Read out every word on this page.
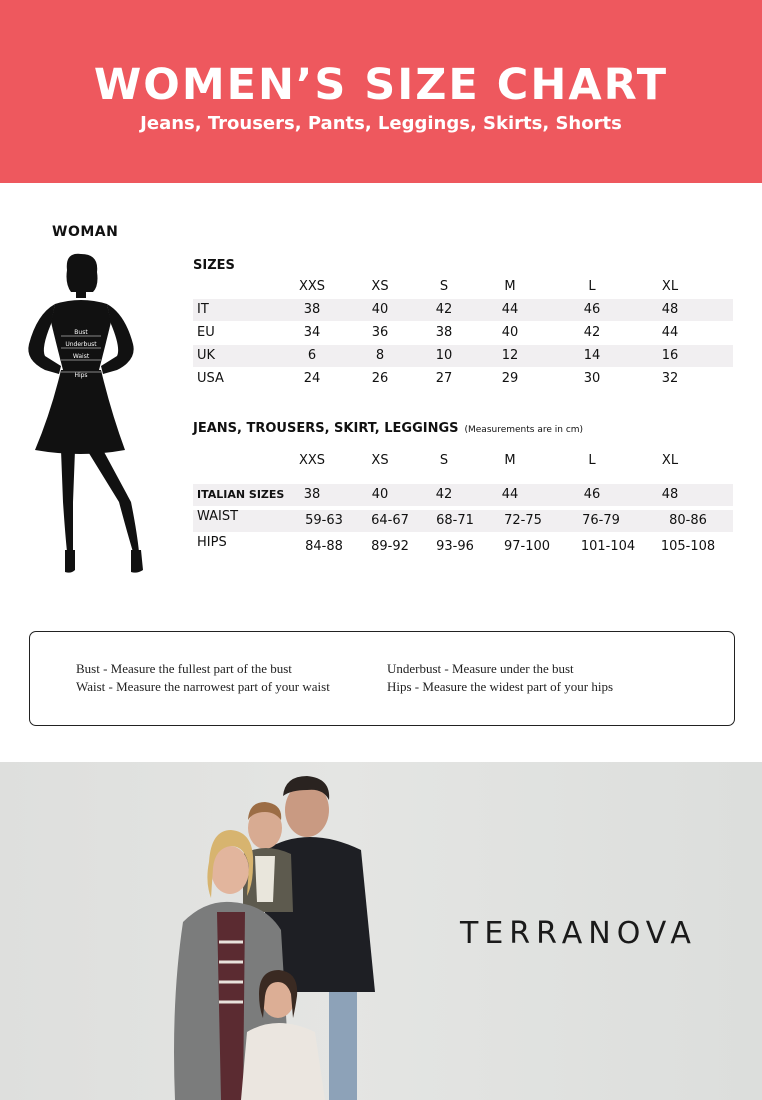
WOMEN’S SIZE CHART
Jeans, Trousers, Pants, Leggings, Skirts, Shorts
WOMAN
Bust
Underbust
Waist
Hips
SIZES
XXS	XS	S	M	L	XL
IT	38	40	42	44	46	48
EU	34	36	38	40	42	44
UK	6	8	10	12	14	16
USA	24	26	27	29	30	32
JEANS, TROUSERS, SKIRT, LEGGINGS (Measurements are in cm)
XXS	XS	S	M	L	XL
ITALIAN SIZES 38	40	42	44	46	48
WAIST	59-63 64-67 68-71 72-75	76-79	80-86
HIPS	84-88 89-92 93-96 97-100 101-104 105-108
Bust - Measure the fullest part of the bust	Underbust - Measure under the bust
Waist - Measure the narrowest part of your waist	Hips - Measure the widest part of your hips
TERRANOVA
